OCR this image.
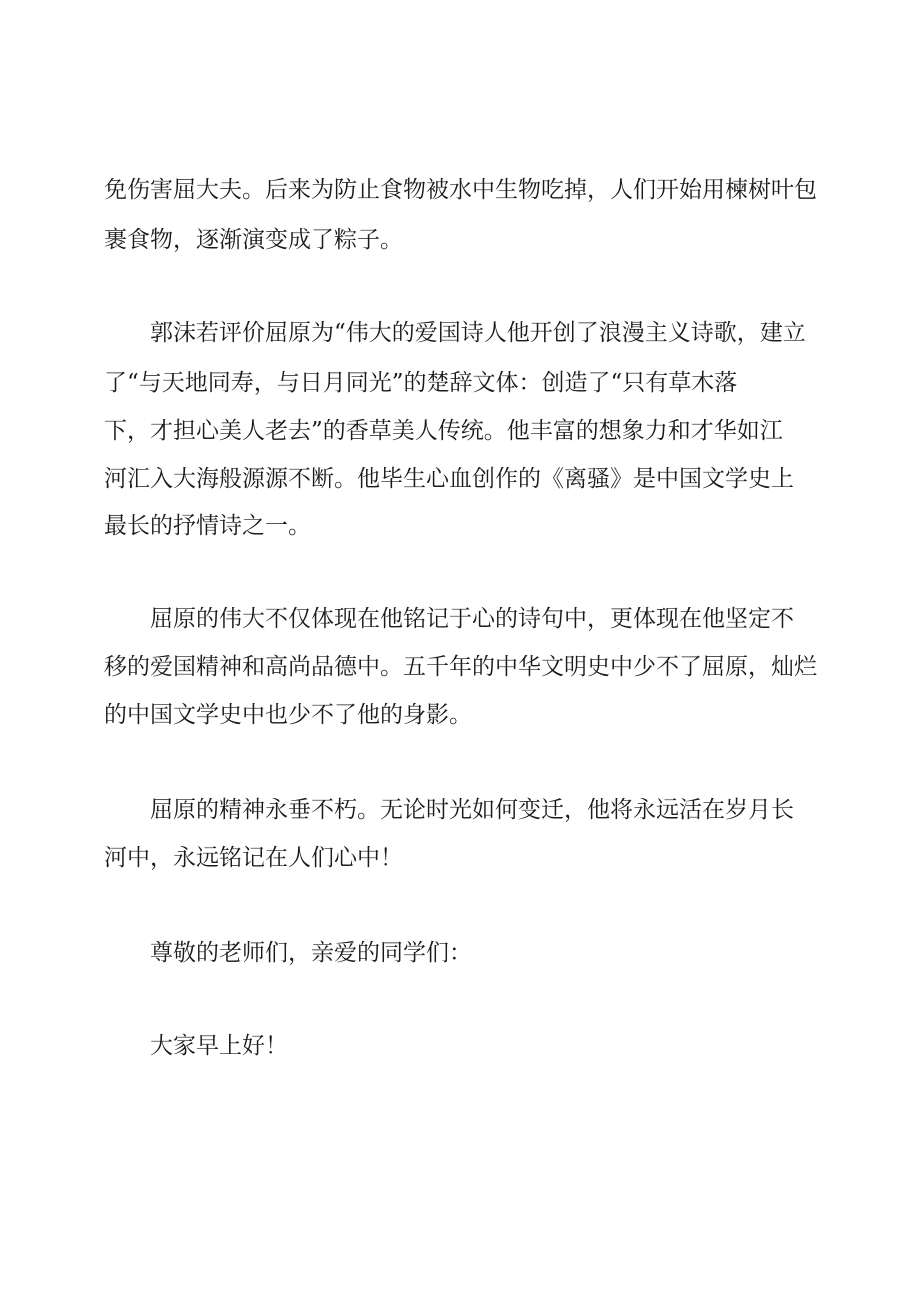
免伤害屈大夫。后来为防止食物被水中生物吃掉，人们开始用楝树叶包
裹食物，逐渐演变成了粽子。
郭沫若评价屈原为“伟大的爱国诗人他开创了浪漫主义诗歌，建立
了“与天地同寿，与日月同光”的楚辞文体：创造了“只有草木落
下，才担心美人老去”的香草美人传统。他丰富的想象力和才华如江
河汇入大海般源源不断。他毕生心血创作的《离骚》是中国文学史上
最长的抒情诗之一。
屈原的伟大不仅体现在他铭记于心的诗句中，更体现在他坚定不
移的爱国精神和高尚品德中。五千年的中华文明史中少不了屈原，灿烂
的中国文学史中也少不了他的身影。
屈原的精神永垂不朽。无论时光如何变迁，他将永远活在岁月长
河中，永远铭记在人们心中！
尊敬的老师们，亲爱的同学们：
大家早上好！
